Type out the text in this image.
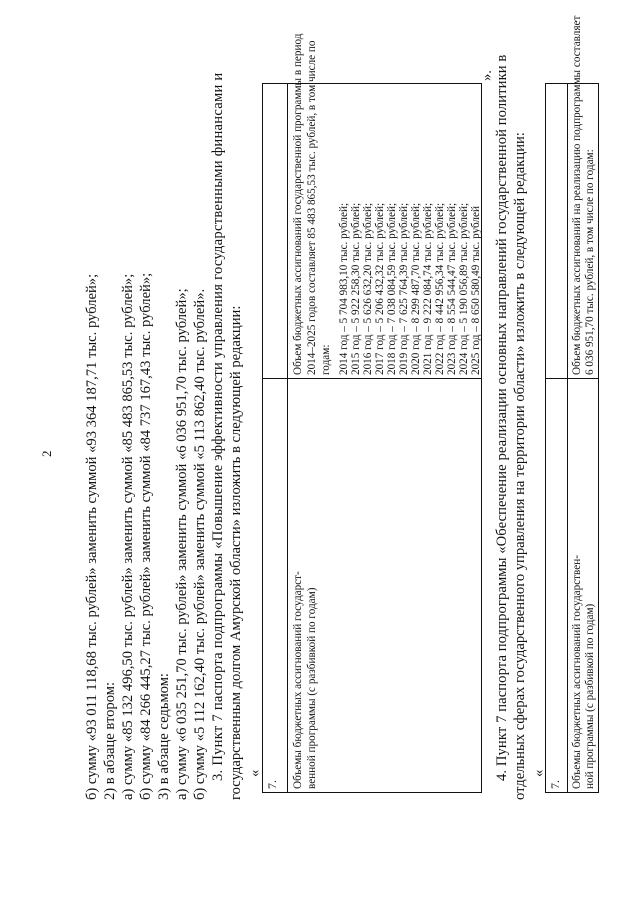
2 б) сумму «93 011 118,68 тыс. рублей» заменить суммой «93 364 187,71 тыс. рублей»; 2) в абзаце втором: а) сумму «85 132 496,50 тыс. рублей» заменить суммой «85 483 865,53 тыс. рублей»; б) сумму «84 266 445,27 тыс. рублей» заменить суммой «84 737 167,43 тыс. рублей»; 3) в абзаце седьмом: а) сумму «6 035 251,70 тыс. рублей» заменить суммой «6 036 951,70 тыс. рублей»; б) сумму «5 112 162,40 тыс. рублей» заменить суммой «5 113 862,40 тыс. рублей». 3. Пункт 7 паспорта подпрограммы «Повышение эффективности управления государственными финансами и государственным долгом Амурской области» изложить в следующей редакции: «
7. Объемы бюджетных ассигнований государст- венной программы (с разбивкой по годам)
Объем бюджетных ассигнований государственной программы в период 2014–2025 годов составляет 85 483 865,53 тыс. рублей, в том числе по годам: 2014 год – 5 704 983,10 тыс. рублей; 2015 год – 5 922 258,30 тыс. рублей; 2016 год – 5 626 632,20 тыс. рублей; 2017 год – 5 206 432,32 тыс. рублей; 2018 год – 7 038 084,59 тыс. рублей; 2019 год – 7 625 764,39 тыс. рублей; 2020 год – 8 299 487,70 тыс. рублей; 2021 год – 9 222 084,74 тыс. рублей; 2022 год – 8 442 956,34 тыс. рублей; 2023 год – 8 554 544,47 тыс. рублей; 2024 год – 5 190 056,89 тыс. рублей; 2025 год – 8 650 580,49 тыс. рублей
». 4. Пункт 7 паспорта подпрограммы «Обеспечение реализации основных направлений государственной политики в отдельных сферах государственного управления на территории области» изложить в следующей редакции: «
7. Объемы бюджетных ассигнований государствен- ной программы (с разбивкой по годам)
Объем бюджетных ассигнований на реализацию подпрограммы составляет 6 036 951,70 тыс. рублей, в том числе по годам:
